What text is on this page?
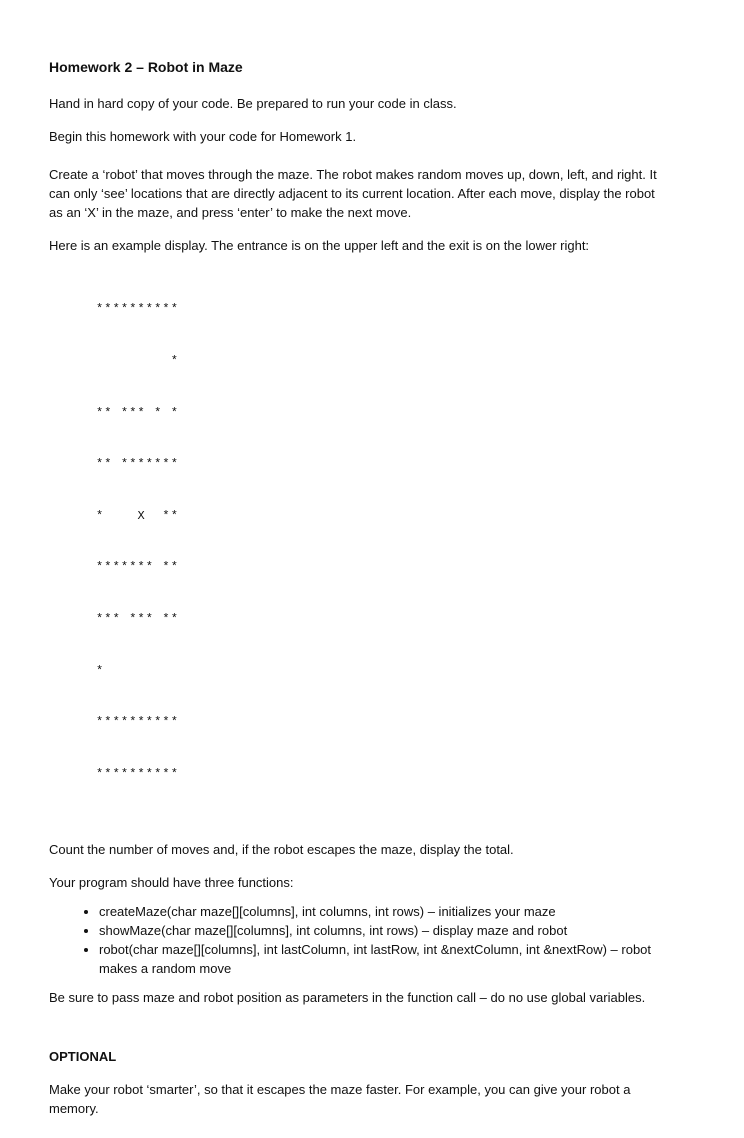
Homework 2 – Robot in Maze

Hand in hard copy of your code. Be prepared to run your code in class.

Begin this homework with your code for Homework 1.

Create a ‘robot’ that moves through the maze. The robot makes random moves up, down, left, and right. It can only ‘see’ locations that are directly adjacent to its current location. After each move, display the robot as an ‘X’ in the maze, and press ‘enter’ to make the next move.

Here is an example display. The entrance is on the upper left and the exit is on the lower right:

**********

*

** *** * *

** *******

*    X  **

******* **

*** *** **

*

**********

**********

Count the number of moves and, if the robot escapes the maze, display the total.

Your program should have three functions:

• createMaze(char maze[][columns], int columns, int rows) – initializes your maze
• showMaze(char maze[][columns], int columns, int rows) – display maze and robot
• robot(char maze[][columns], int lastColumn, int lastRow, int &nextColumn, int &nextRow) – robot makes a random move

Be sure to pass maze and robot position as parameters in the function call – do no use global variables.

OPTIONAL

Make your robot ‘smarter’, so that it escapes the maze faster. For example, you can give your robot a memory.
